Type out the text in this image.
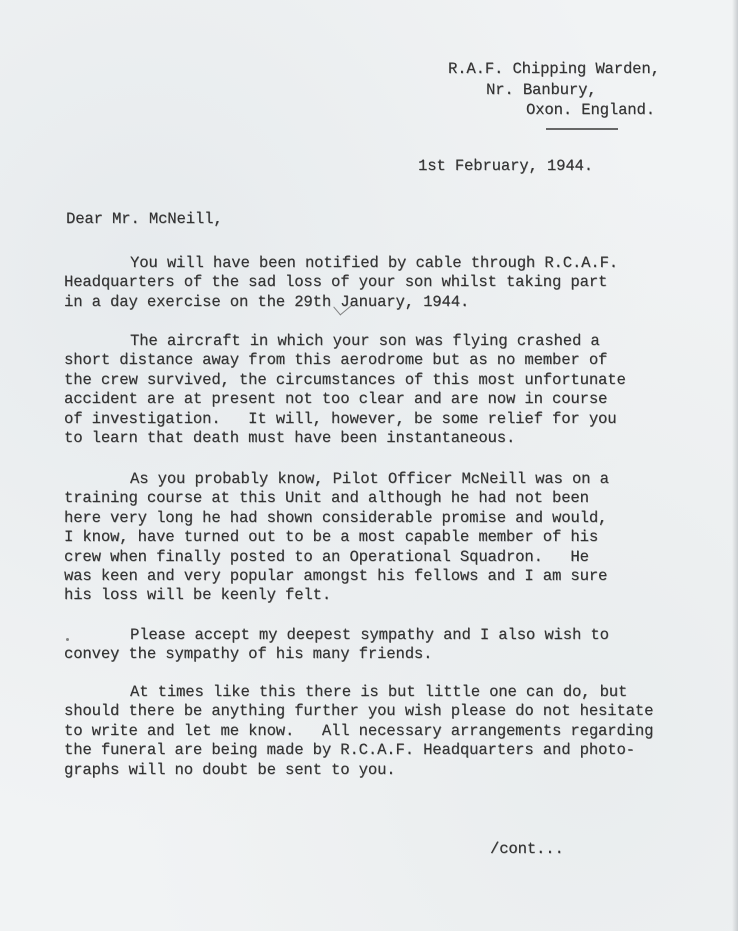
R.A.F. Chipping Warden,

Nr. Banbury,

Oxon. England.

1st February, 1944.

Dear Mr. McNeill,

You will have been notified by cable through R.C.A.F.
Headquarters of the sad loss of your son whilst taking part
in a day exercise on the 29th January, 1944.
The aircraft in which your son was flying crashed a
short distance away from this aerodrome but as no member of
the crew survived, the circumstances of this most unfortunate
accident are at present not too clear and are now in course
of investigation.   It will, however, be some relief for you
to learn that death must have been instantaneous.
As you probably know, Pilot Officer McNeill was on a
training course at this Unit and although he had not been
here very long he had shown considerable promise and would,
I know, have turned out to be a most capable member of his
crew when finally posted to an Operational Squadron.   He
was keen and very popular amongst his fellows and I am sure
his loss will be keenly felt.
Please accept my deepest sympathy and I also wish to
convey the sympathy of his many friends.
At times like this there is but little one can do, but
should there be anything further you wish please do not hesitate
to write and let me know.   All necessary arrangements regarding
the funeral are being made by R.C.A.F. Headquarters and photo-
graphs will no doubt be sent to you.

/cont...
